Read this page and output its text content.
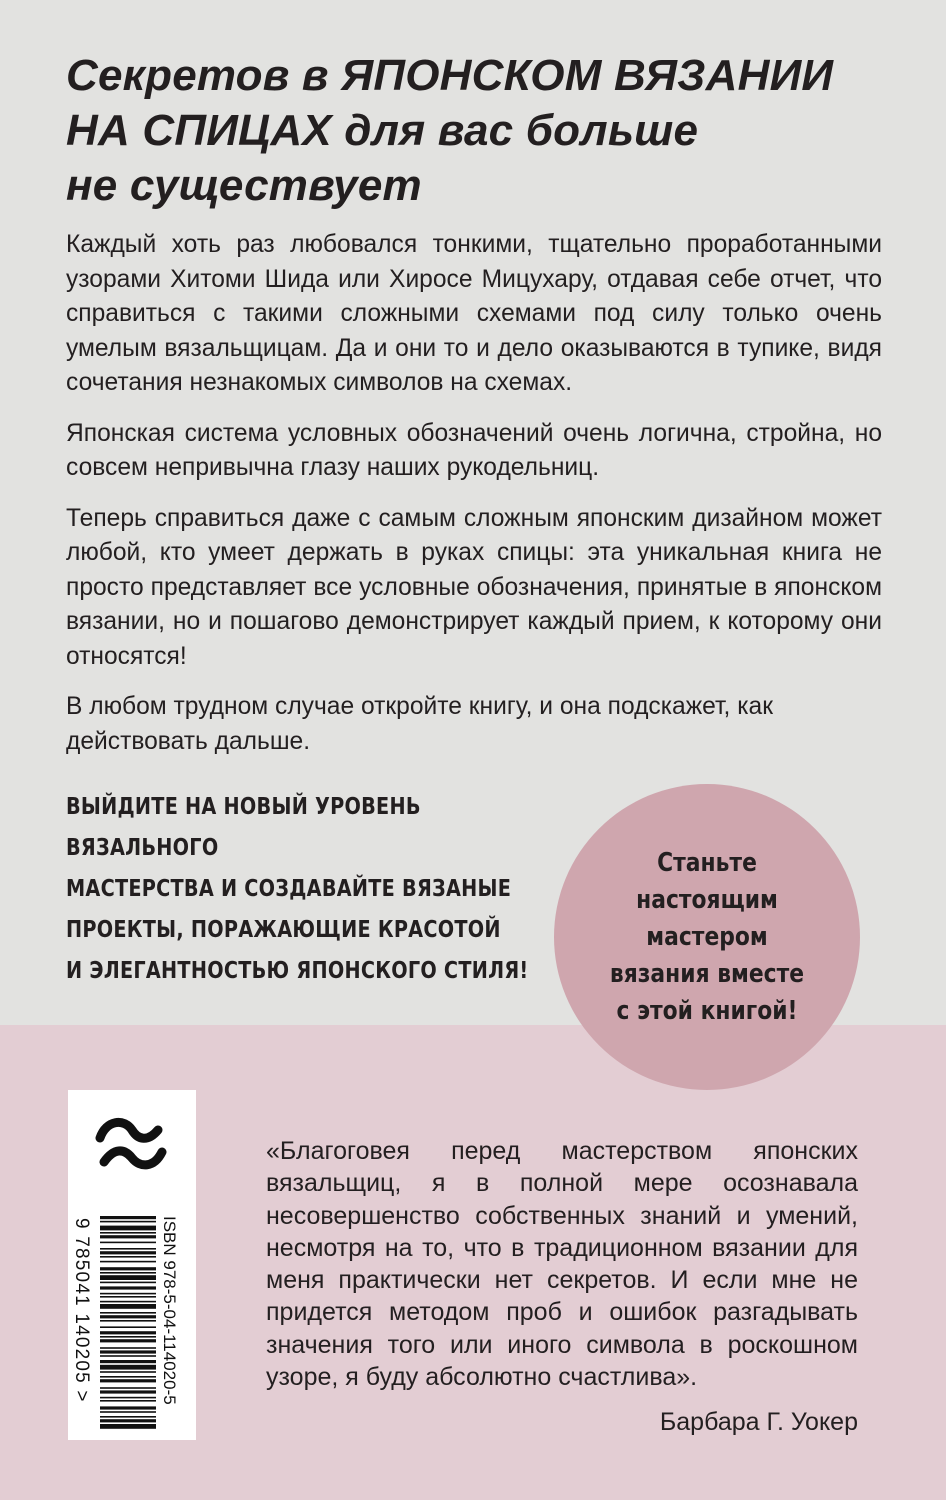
Секретов в ЯПОНСКОМ ВЯЗАНИИ
НА СПИЦАХ для вас больше
не существует

Каждый хоть раз любовался тонкими, тщательно проработанными узорами Хитоми Шида или Хиросе Мицухару, отдавая себе отчет, что справиться с такими сложными схемами под силу только очень умелым вязальщицам. Да и они то и дело оказываются в тупике, видя сочетания незнакомых символов на схемах.

Японская система условных обозначений очень логична, стройна, но совсем непривычна глазу наших рукодельниц.

Теперь справиться даже с самым сложным японским дизайном может любой, кто умеет держать в руках спицы: эта уникальная книга не просто представляет все условные обозначения, принятые в японском вязании, но и пошагово демонстрирует каждый прием, к которому они относятся!

В любом трудном случае откройте книгу, и она подскажет, как действовать дальше.

ВЫЙДИТЕ НА НОВЫЙ УРОВЕНЬ ВЯЗАЛЬНОГО
МАСТЕРСТВА И СОЗДАВАЙТЕ ВЯЗАНЫЕ
ПРОЕКТЫ, ПОРАЖАЮЩИЕ КРАСОТОЙ
И ЭЛЕГАНТНОСТЬЮ ЯПОНСКОГО СТИЛЯ!
Станьте
настоящим
мастером
вязания вместе
с этой книгой!
ISBN 978-5-04-114020-5
9 785041 140205 >
«Благоговея перед мастерством японских вязальщиц, я в полной мере осознавала несовершенство собственных знаний и умений, несмотря на то, что в традиционном вязании для меня практически нет секретов. И если мне не придется методом проб и ошибок разгадывать значения того или иного символа в роскошном узоре, я буду абсолютно счастлива».
Барбара Г. Уокер
